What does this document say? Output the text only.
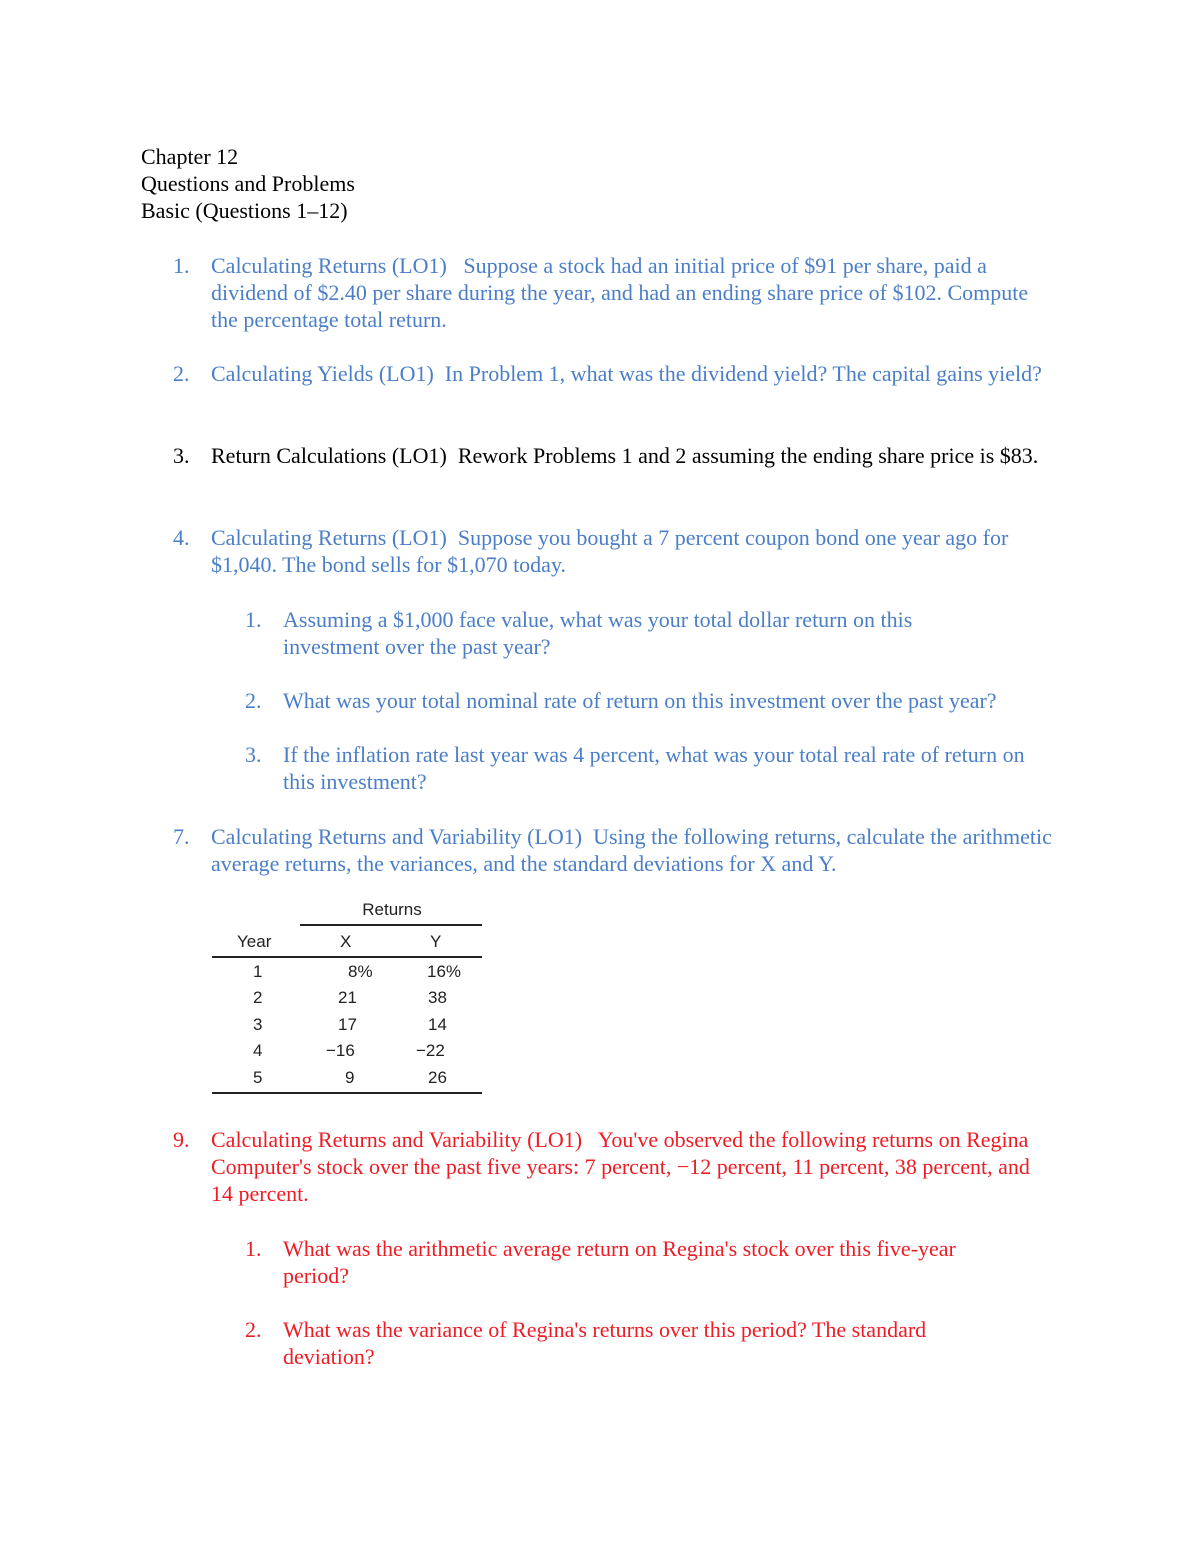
Chapter 12

Questions and Problems

Basic (Questions 1–12)

1. Calculating Returns (LO1)   Suppose a stock had an initial price of $91 per share, paid a dividend of $2.40 per share during the year, and had an ending share price of $102. Compute the percentage total return.
2. Calculating Yields (LO1)  In Problem 1, what was the dividend yield? The capital gains yield?
3. Return Calculations (LO1)  Rework Problems 1 and 2 assuming the ending share price is $83.
4. Calculating Returns (LO1)  Suppose you bought a 7 percent coupon bond one year ago for $1,040. The bond sells for $1,070 today.
1. Assuming a $1,000 face value, what was your total dollar return on this investment over the past year?
2. What was your total nominal rate of return on this investment over the past year?
3. If the inflation rate last year was 4 percent, what was your total real rate of return on this investment?
7. Calculating Returns and Variability (LO1)  Using the following returns, calculate the arithmetic average returns, the variances, and the standard deviations for X and Y.
Returns
Year	X	Y
1	8%	16%
2	21	38
3	17	14
4	−16	−22
5	9	26
9. Calculating Returns and Variability (LO1)   You've observed the following returns on Regina Computer's stock over the past five years: 7 percent, −12 percent, 11 percent, 38 percent, and 14 percent.
1. What was the arithmetic average return on Regina's stock over this five-year period?
2. What was the variance of Regina's returns over this period? The standard deviation?
